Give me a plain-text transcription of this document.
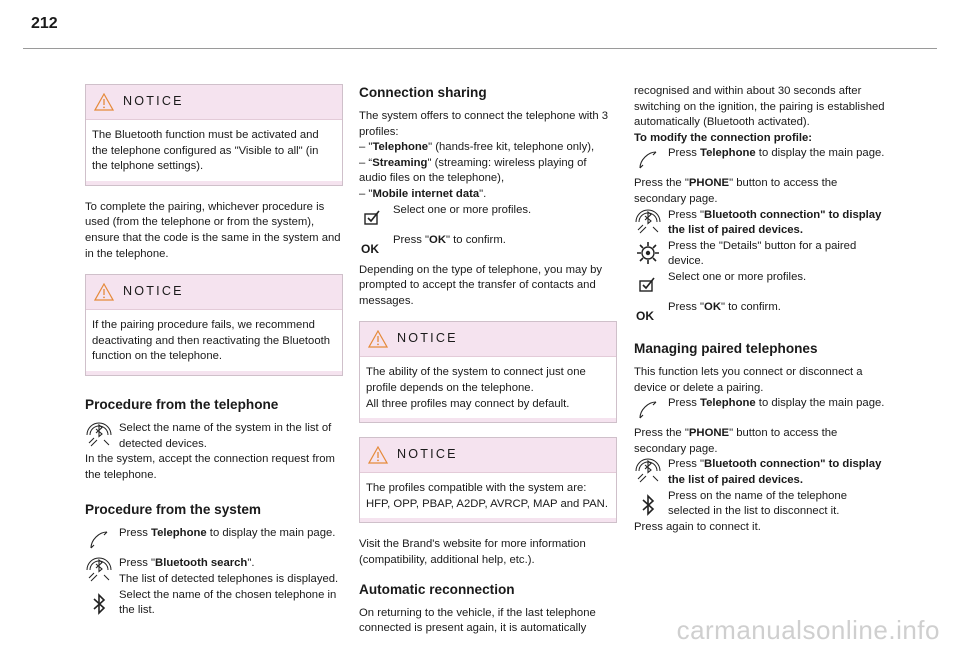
212
NOTICE
The Bluetooth function must be activated and the telephone configured as "Visible to all" (in the telphone settings).

To complete the pairing, whichever procedure is used (from the telephone or from the system), ensure that the code is the same in the system and in the telephone.

NOTICE
If the pairing procedure fails, we recommend deactivating and then reactivating the Bluetooth function on the telephone.
Procedure from the telephone
Select the name of the system in the list of detected devices.

In the system, accept the connection request from the telephone.

Procedure from the system
Press Telephone to display the main page.
Press "Bluetooth search".
The list of detected telephones is displayed.
Select the name of the chosen telephone in the list.
Connection sharing

The system offers to connect the telephone with 3 profiles:

– "Telephone" (hands-free kit, telephone only),
– “Streaming" (streaming: wireless playing of audio files on the telephone),
– "Mobile internet data".
Select one or more profiles.
OK
Press "OK" to confirm.

Depending on the type of telephone, you may by prompted to accept the transfer of contacts and messages.

NOTICE
The ability of the system to connect just one profile depends on the telephone.
All three profiles may connect by default.
NOTICE
The profiles compatible with the system are: HFP, OPP, PBAP, A2DP, AVRCP, MAP and PAN.

Visit the Brand's website for more information (compatibility, additional help, etc.).

Automatic reconnection

On returning to the vehicle, if the last telephone connected is present again, it is automatically

recognised and within about 30 seconds after switching on the ignition, the pairing is established automatically (Bluetooth activated).

To modify the connection profile:
Press Telephone to display the main page.
Press the "PHONE" button to access the secondary page.
Press "Bluetooth connection" to display the list of paired devices.
Press the "Details" button for a paired device.
Select one or more profiles.
OK
Press "OK" to confirm.
Managing paired telephones

This function lets you connect or disconnect a device or delete a pairing.

Press Telephone to display the main page.
Press the "PHONE" button to access the secondary page.
Press "Bluetooth connection" to display the list of paired devices.
Press on the name of the telephone selected in the list to disconnect it.
Press again to connect it.
carmanualsonline.info
